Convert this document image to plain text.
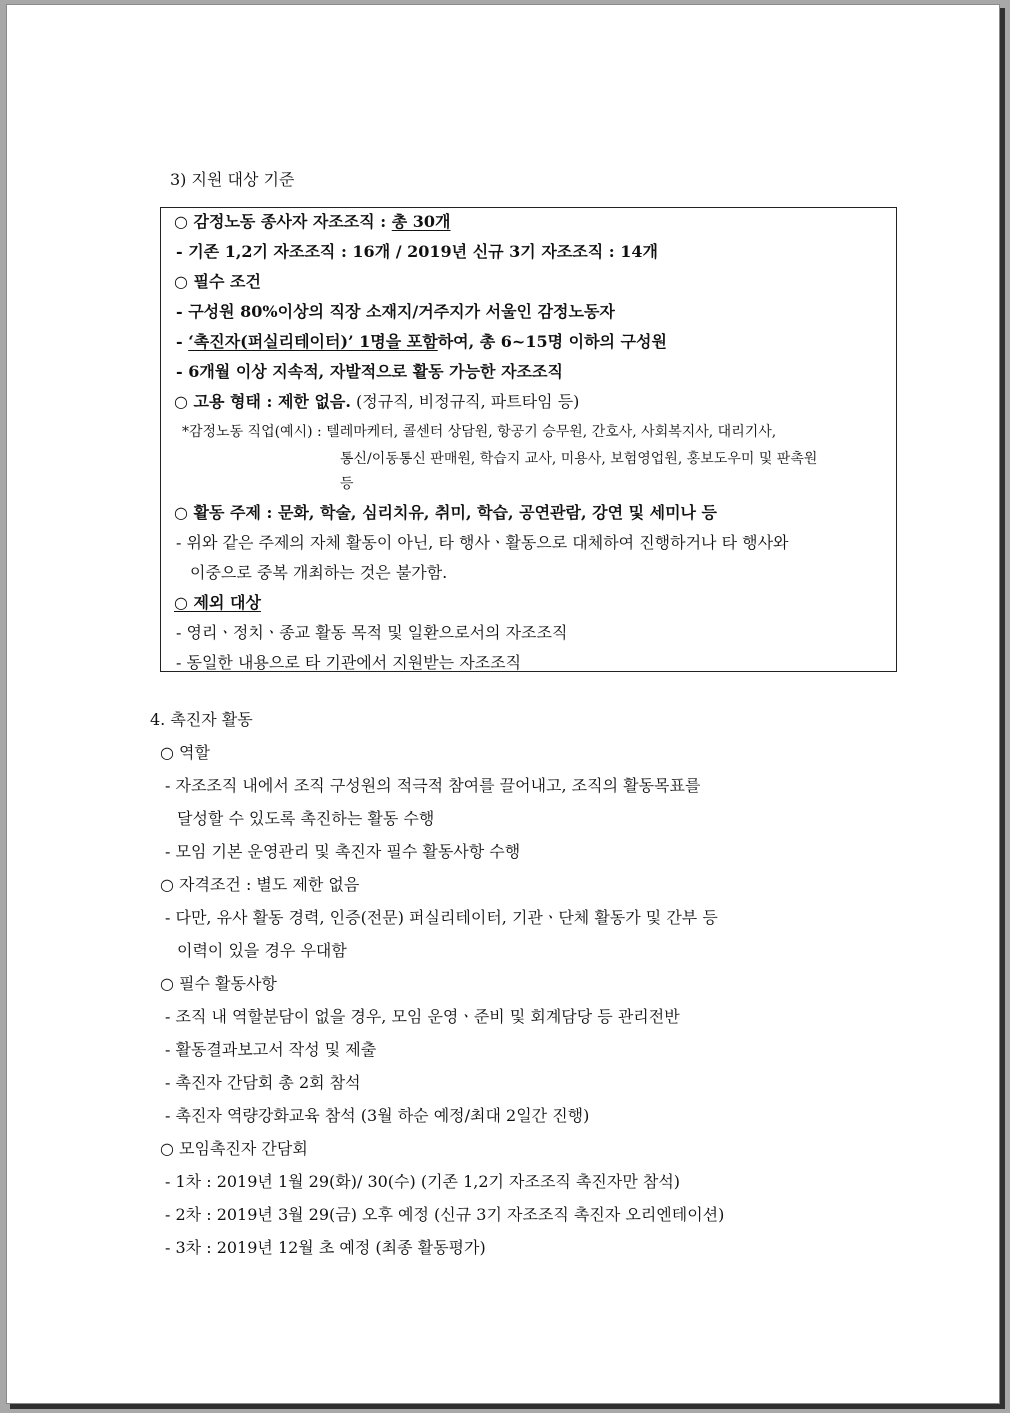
3) 지원 대상 기준
○ 감정노동 종사자 자조조직 : 총 30개
- 기존 1,2기 자조조직 : 16개 / 2019년 신규 3기 자조조직 : 14개
○ 필수 조건
- 구성원 80%이상의 직장 소재지/거주지가 서울인 감정노동자
- ‘촉진자(퍼실리테이터)’ 1명을 포함하여, 총 6~15명 이하의 구성원
- 6개월 이상 지속적, 자발적으로 활동 가능한 자조조직
○ 고용 형태 : 제한 없음. (정규직, 비정규직, 파트타임 등)
*감정노동 직업(예시) : 텔레마케터, 콜센터 상담원, 항공기 승무원, 간호사, 사회복지사, 대리기사,
통신/이동통신 판매원, 학습지 교사, 미용사, 보험영업원, 홍보도우미 및 판촉원
등
○ 활동 주제 : 문화, 학술, 심리치유, 취미, 학습, 공연관람, 강연 및 세미나 등
- 위와 같은 주제의 자체 활동이 아닌, 타 행사ㆍ활동으로 대체하여 진행하거나 타 행사와
이중으로 중복 개최하는 것은 불가함.
○ 제외 대상
- 영리ㆍ정치ㆍ종교 활동 목적 및 일환으로서의 자조조직
- 동일한 내용으로 타 기관에서 지원받는 자조조직
4. 촉진자 활동
○ 역할
- 자조조직 내에서 조직 구성원의 적극적 참여를 끌어내고, 조직의 활동목표를
달성할 수 있도록 촉진하는 활동 수행
- 모임 기본 운영관리 및 촉진자 필수 활동사항 수행
○ 자격조건 : 별도 제한 없음
- 다만, 유사 활동 경력, 인증(전문) 퍼실리테이터, 기관ㆍ단체 활동가 및 간부 등
이력이 있을 경우 우대함
○ 필수 활동사항
- 조직 내 역할분담이 없을 경우, 모임 운영ㆍ준비 및 회계담당 등 관리전반
- 활동결과보고서 작성 및 제출
- 촉진자 간담회 총 2회 참석
- 촉진자 역량강화교육 참석 (3월 하순 예정/최대 2일간 진행)
○ 모임촉진자 간담회
- 1차 : 2019년 1월 29(화)/ 30(수) (기존 1,2기 자조조직 촉진자만 참석)
- 2차 : 2019년 3월 29(금) 오후 예정 (신규 3기 자조조직 촉진자 오리엔테이션)
- 3차 : 2019년 12월 초 예정 (최종 활동평가)
